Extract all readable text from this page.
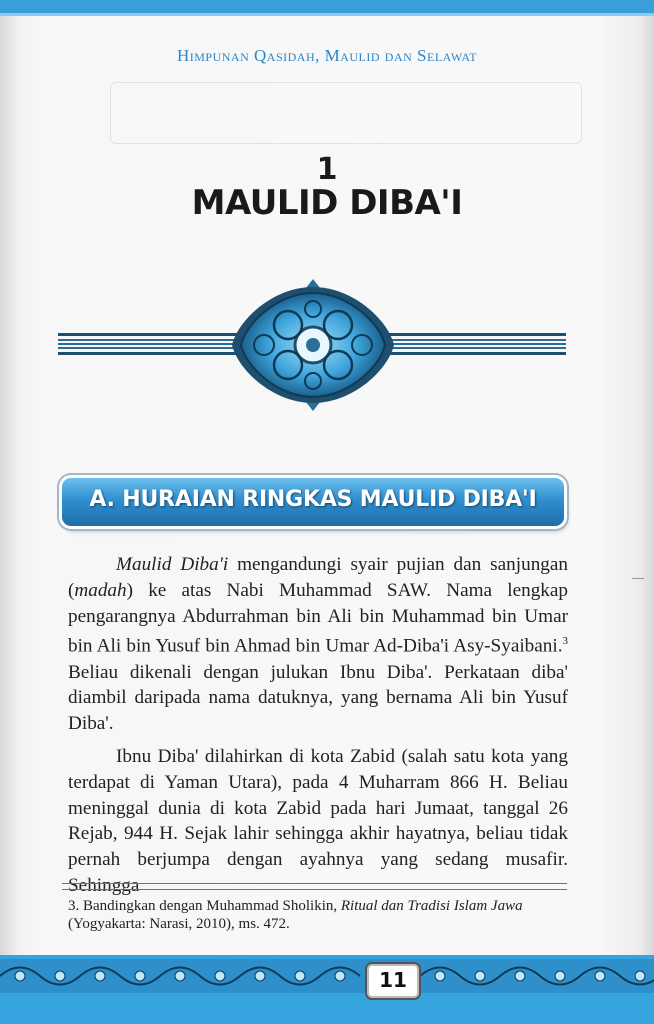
Himpunan Qasidah, Maulid dan Selawat
1
MAULID DIBA'I
A. HURAIAN RINGKAS MAULID DIBA'I

Maulid Diba'i mengandungi syair pujian dan sanjungan (madah) ke atas Nabi Muhammad SAW. Nama lengkap pengarangnya Abdurrahman bin Ali bin Muhammad bin Umar bin Ali bin Yusuf bin Ahmad bin Umar Ad-Diba'i Asy-Syaibani.$^3$ Beliau dikenali dengan julukan Ibnu Diba'. Perkataan diba' diambil daripada nama datuknya, yang bernama Ali bin Yusuf Diba'.

Ibnu Diba' dilahirkan di kota Zabid (salah satu kota yang terdapat di Yaman Utara), pada 4 Muharram 866 H. Beliau meninggal dunia di kota Zabid pada hari Jumaat, tanggal 26 Rejab, 944 H. Sejak lahir sehingga akhir hayatnya, beliau tidak pernah berjumpa dengan ayahnya yang sedang musafir. Sehingga

3. Bandingkan dengan Muhammad Sholikin, Ritual dan Tradisi Islam Jawa (Yogyakarta: Narasi, 2010), ms. 472.
11
